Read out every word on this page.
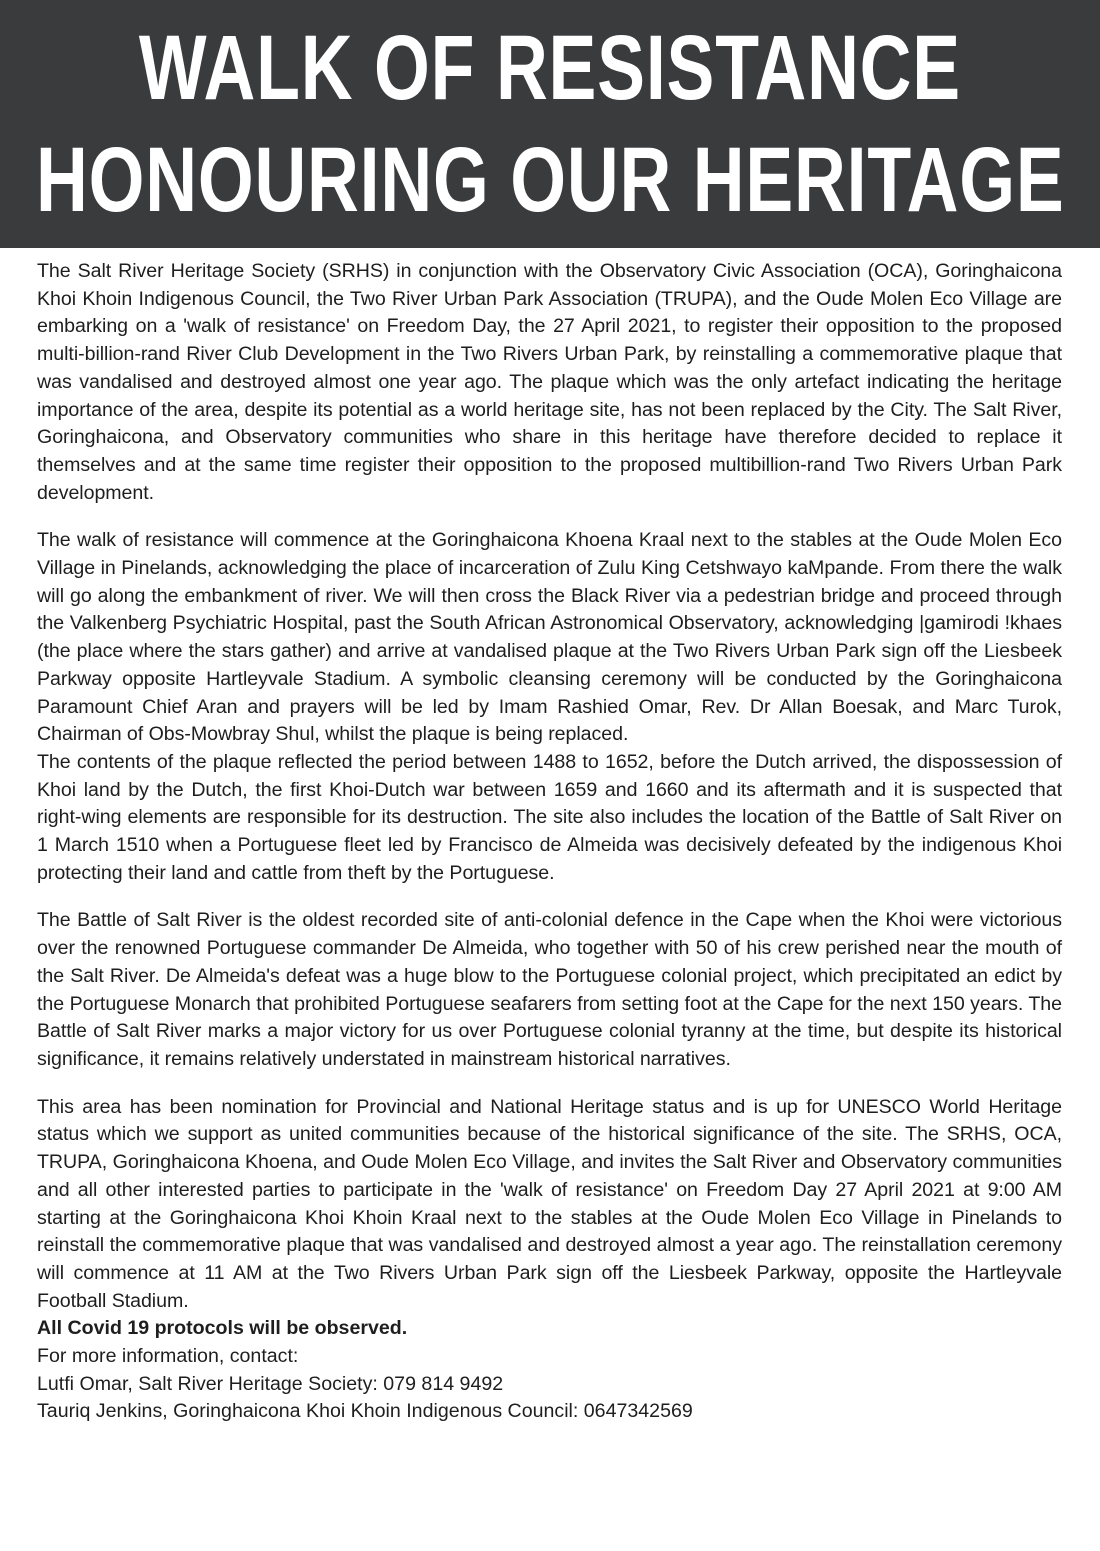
WALK OF RESISTANCE
HONOURING OUR HERITAGE

The Salt River Heritage Society (SRHS) in conjunction with the Observatory Civic Association (OCA), Goringhaicona Khoi Khoin Indigenous Council, the Two River Urban Park Association (TRUPA), and the Oude Molen Eco Village are embarking on a 'walk of resistance' on Freedom Day, the 27 April 2021, to register their opposition to the proposed multi-billion-rand River Club Development in the Two Rivers Urban Park, by reinstalling a commemorative plaque that was vandalised and destroyed almost one year ago. The plaque which was the only artefact indicating the heritage importance of the area, despite its potential as a world heritage site, has not been replaced by the City. The Salt River, Goringhaicona, and Observatory communities who share in this heritage have therefore decided to replace it themselves and at the same time register their opposition to the proposed multibillion-rand Two Rivers Urban Park development.

The walk of resistance will commence at the Goringhaicona Khoena Kraal next to the stables at the Oude Molen Eco Village in Pinelands, acknowledging the place of incarceration of Zulu King Cetshwayo kaMpande. From there the walk will go along the embankment of river. We will then cross the Black River via a pedestrian bridge and proceed through the Valkenberg Psychiatric Hospital, past the South African Astronomical Observatory, acknowledging |gamirodi !khaes (the place where the stars gather) and arrive at vandalised plaque at the Two Rivers Urban Park sign off the Liesbeek Parkway opposite Hartleyvale Stadium. A symbolic cleansing ceremony will be conducted by the Goringhaicona Paramount Chief Aran and prayers will be led by Imam Rashied Omar, Rev. Dr Allan Boesak, and Marc Turok, Chairman of Obs-Mowbray Shul, whilst the plaque is being replaced.

The contents of the plaque reflected the period between 1488 to 1652, before the Dutch arrived, the dispossession of Khoi land by the Dutch, the first Khoi-Dutch war between 1659 and 1660 and its aftermath and it is suspected that right-wing elements are responsible for its destruction. The site also includes the location of the Battle of Salt River on 1 March 1510 when a Portuguese fleet led by Francisco de Almeida was decisively defeated by the indigenous Khoi protecting their land and cattle from theft by the Portuguese.

The Battle of Salt River is the oldest recorded site of anti-colonial defence in the Cape when the Khoi were victorious over the renowned Portuguese commander De Almeida, who together with 50 of his crew perished near the mouth of the Salt River. De Almeida's defeat was a huge blow to the Portuguese colonial project, which precipitated an edict by the Portuguese Monarch that prohibited Portuguese seafarers from setting foot at the Cape for the next 150 years. The Battle of Salt River marks a major victory for us over Portuguese colonial tyranny at the time, but despite its historical significance, it remains relatively understated in mainstream historical narratives.

This area has been nomination for Provincial and National Heritage status and is up for UNESCO World Heritage status which we support as united communities because of the historical significance of the site. The SRHS, OCA, TRUPA, Goringhaicona Khoena, and Oude Molen Eco Village, and invites the Salt River and Observatory communities and all other interested parties to participate in the 'walk of resistance' on Freedom Day 27 April 2021 at 9:00 AM starting at the Goringhaicona Khoi Khoin Kraal next to the stables at the Oude Molen Eco Village in Pinelands to reinstall the commemorative plaque that was vandalised and destroyed almost a year ago. The reinstallation ceremony will commence at 11 AM at the Two Rivers Urban Park sign off the Liesbeek Parkway, opposite the Hartleyvale Football Stadium.

All Covid 19 protocols will be observed.

For more information, contact:

Lutfi Omar, Salt River Heritage Society: 079 814 9492

Tauriq Jenkins, Goringhaicona Khoi Khoin Indigenous Council: 0647342569
